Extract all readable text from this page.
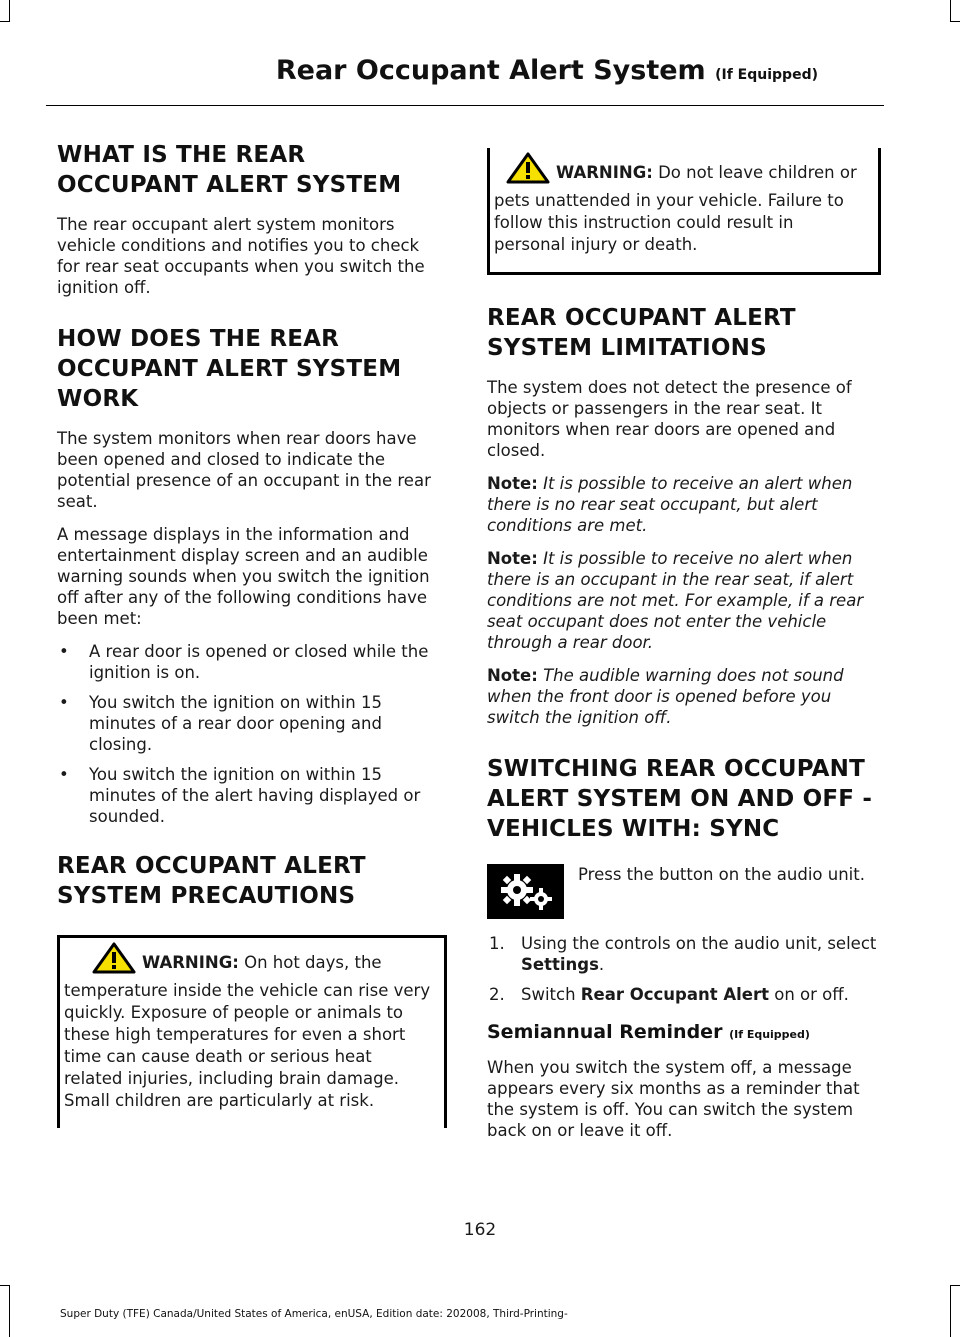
Rear Occupant Alert System (If Equipped)
WHAT IS THE REAR OCCUPANT ALERT SYSTEM

The rear occupant alert system monitors vehicle conditions and notifies you to check for rear seat occupants when you switch the ignition off.

HOW DOES THE REAR OCCUPANT ALERT SYSTEM WORK

The system monitors when rear doors have been opened and closed to indicate the potential presence of an occupant in the rear seat.

A message displays in the information and entertainment display screen and an audible warning sounds when you switch the ignition off after any of the following conditions have been met:

• A rear door is opened or closed while the ignition is on.
• You switch the ignition on within 15 minutes of a rear door opening and closing.
• You switch the ignition on within 15 minutes of the alert having displayed or sounded.
REAR OCCUPANT ALERT SYSTEM PRECAUTIONS

WARNING: On hot days, the temperature inside the vehicle can rise very quickly. Exposure of people or animals to these high temperatures for even a short time can cause death or serious heat related injuries, including brain damage. Small children are particularly at risk.

WARNING: Do not leave children or pets unattended in your vehicle. Failure to follow this instruction could result in personal injury or death.

REAR OCCUPANT ALERT SYSTEM LIMITATIONS

The system does not detect the presence of objects or passengers in the rear seat. It monitors when rear doors are opened and closed.

Note: It is possible to receive an alert when there is no rear seat occupant, but alert conditions are met.

Note: It is possible to receive no alert when there is an occupant in the rear seat, if alert conditions are not met. For example, if a rear seat occupant does not enter the vehicle through a rear door.

Note: The audible warning does not sound when the front door is opened before you switch the ignition off.

SWITCHING REAR OCCUPANT ALERT SYSTEM ON AND OFF - VEHICLES WITH: SYNC

Press the button on the audio unit.

1. Using the controls on the audio unit, select Settings.
2. Switch Rear Occupant Alert on or off.
Semiannual Reminder (If Equipped)

When you switch the system off, a message appears every six months as a reminder that the system is off. You can switch the system back on or leave it off.

162
Super Duty (TFE) Canada/United States of America, enUSA, Edition date: 202008, Third-Printing-
